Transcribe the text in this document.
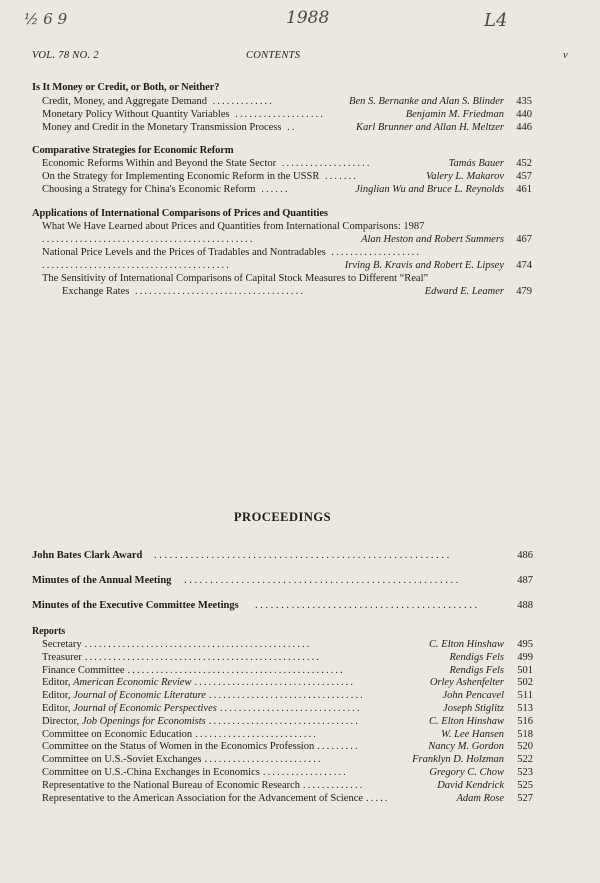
½ 6 9	1988	L4
VOL. 78 NO. 2	CONTENTS	v
Is It Money or Credit, or Both, or Neither?
Credit, Money, and Aggregate Demand .............	Ben S. Bernanke and Alan S. Blinder 435
Monetary Policy Without Quantity Variables ...................	Benjamin M. Friedman 440
Money and Credit in the Monetary Transmission Process ..	Karl Brunner and Allan H. Meltzer 446
Comparative Strategies for Economic Reform
Economic Reforms Within and Beyond the State Sector ...................	Tamás Bauer 452
On the Strategy for Implementing Economic Reform in the USSR .......	Valery L. Makarov 457
Choosing a Strategy for China's Economic Reform ......	Jinglian Wu and Bruce L. Reynolds 461
Applications of International Comparisons of Prices and Quantities
What We Have Learned about Prices and Quantities from International Comparisons: 1987
.............................................	Alan Heston and Robert Summers 467
National Price Levels and the Prices of Tradables and Nontradables ...................
........................................	Irving B. Kravis and Robert E. Lipsey 474
The Sensitivity of International Comparisons of Capital Stock Measures to Different “Real”
Exchange Rates ....................................	Edward E. Leamer 479
PROCEEDINGS
John Bates Clark Award .........................................................	486
Minutes of the Annual Meeting .....................................................	487
Minutes of the Executive Committee Meetings ...........................................	488
Reports
Secretary ................................................	C. Elton Hinshaw 495
Treasurer ..................................................	Rendigs Fels 499
Finance Committee ..............................................	Rendigs Fels 501
Editor, American Economic Review ..................................	Orley Ashenfelter 502
Editor, Journal of Economic Literature .................................	John Pencavel 511
Editor, Journal of Economic Perspectives ..............................	Joseph Stiglitz 513
Director, Job Openings for Economists ................................	C. Elton Hinshaw 516
Committee on Economic Education ..........................	W. Lee Hansen 518
Committee on the Status of Women in the Economics Profession .........	Nancy M. Gordon 520
Committee on U.S.-Soviet Exchanges .........................	Franklyn D. Holzman 522
Committee on U.S.-China Exchanges in Economics ..................	Gregory C. Chow 523
Representative to the National Bureau of Economic Research .............	David Kendrick 525
Representative to the American Association for the Advancement of Science .....	Adam Rose 527
